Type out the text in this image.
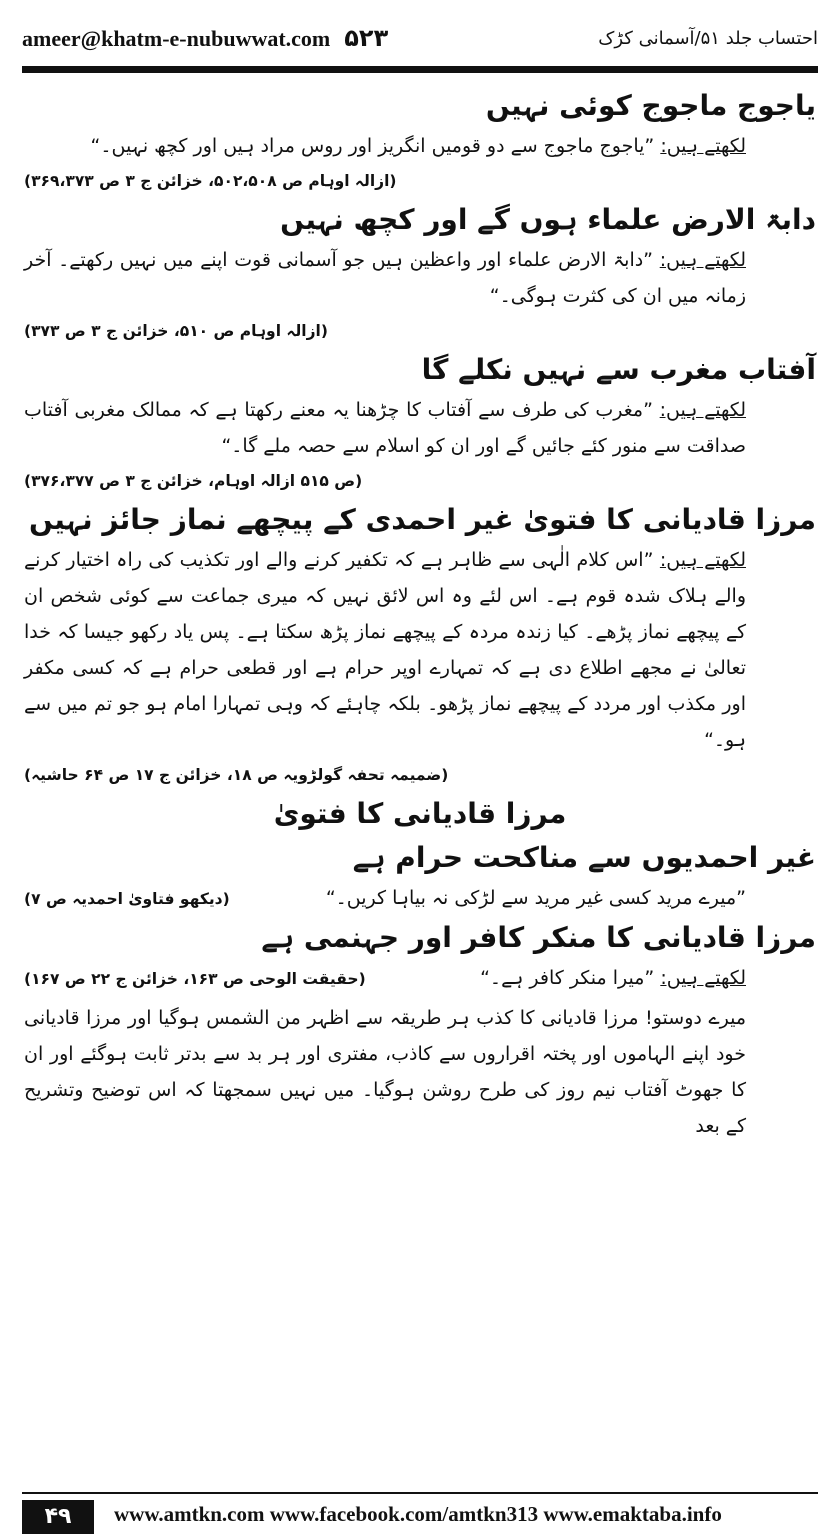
ameer@khatm-e-nubuwwat.com ۵۲۳	احتساب جلد ۵۱/آسمانی کڑک
یاجوج ماجوج کوئی نہیں

لکھتے ہیں: ”یاجوج ماجوج سے دو قومیں انگریز اور روس مراد ہیں اور کچھ نہیں۔“

(ازالہ اوہام ص ۵۰۲،۵۰۸، خزائن ج ۳ ص ۳۶۹،۳۷۳)

دابۃ الارض علماء ہوں گے اور کچھ نہیں

لکھتے ہیں: ”دابۃ الارض علماء اور واعظین ہیں جو آسمانی قوت اپنے میں نہیں رکھتے۔ آخر زمانہ میں ان کی کثرت ہوگی۔“

(ازالہ اوہام ص ۵۱۰، خزائن ج ۳ ص ۳۷۳)

آفتاب مغرب سے نہیں نکلے گا

لکھتے ہیں: ”مغرب کی طرف سے آفتاب کا چڑھنا یہ معنے رکھتا ہے کہ ممالک مغربی آفتاب صداقت سے منور کئے جائیں گے اور ان کو اسلام سے حصہ ملے گا۔“

(ص ۵۱۵ ازالہ اوہام، خزائن ج ۳ ص ۳۷۶،۳۷۷)

مرزا قادیانی کا فتویٰ غیر احمدی کے پیچھے نماز جائز نہیں

لکھتے ہیں: ”اس کلام الٰہی سے ظاہر ہے کہ تکفیر کرنے والے اور تکذیب کی راہ اختیار کرنے والے ہلاک شدہ قوم ہے۔ اس لئے وہ اس لائق نہیں کہ میری جماعت سے کوئی شخص ان کے پیچھے نماز پڑھے۔ کیا زندہ مردہ کے پیچھے نماز پڑھ سکتا ہے۔ پس یاد رکھو جیسا کہ خدا تعالیٰ نے مجھے اطلاع دی ہے کہ تمہارے اوپر حرام ہے اور قطعی حرام ہے کہ کسی مکفر اور مکذب اور مردد کے پیچھے نماز پڑھو۔ بلکہ چاہئے کہ وہی تمہارا امام ہو جو تم میں سے ہو۔“

(ضمیمہ تحفہ گولڑویہ ص ۱۸، خزائن ج ۱۷ ص ۶۴ حاشیہ)

مرزا قادیانی کا فتویٰ
غیر احمدیوں سے مناکحت حرام ہے

”میرے مرید کسی غیر مرید سے لڑکی نہ بیاہا کریں۔“

(دیکھو فتاویٰ احمدیہ ص ۷)

مرزا قادیانی کا منکر کافر اور جہنمی ہے

لکھتے ہیں: ”میرا منکر کافر ہے۔“

(حقیقت الوحی ص ۱۶۳، خزائن ج ۲۲ ص ۱۶۷)

میرے دوستو! مرزا قادیانی کا کذب ہر طریقہ سے اظہر من الشمس ہوگیا اور مرزا قادیانی خود اپنے الہاموں اور پختہ اقراروں سے کاذب، مفتری اور ہر بد سے بدتر ثابت ہوگئے اور ان کا جھوٹ آفتاب نیم روز کی طرح روشن ہوگیا۔ میں نہیں سمجھتا کہ اس توضیح وتشریح کے بعد

۴۹	www.amtkn.com www.facebook.com/amtkn313 www.emaktaba.info
